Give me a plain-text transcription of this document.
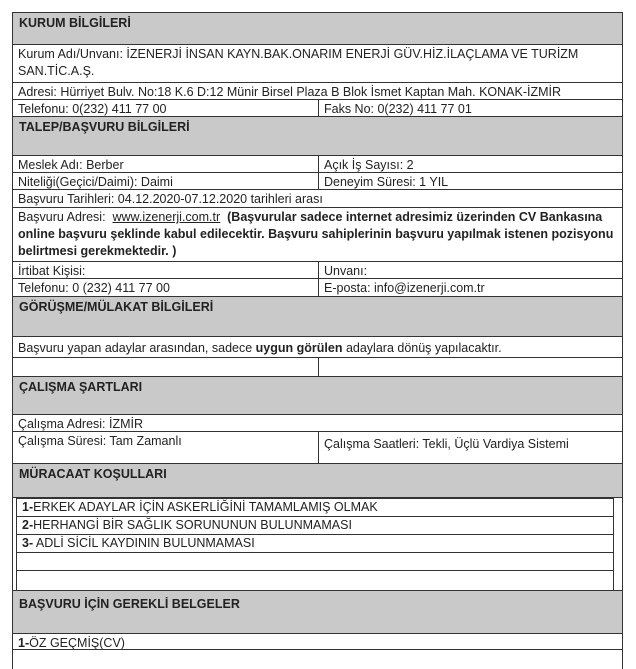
KURUM BİLGİLERİ
Kurum Adı/Unvanı: İZENERJİ İNSAN KAYN.BAK.ONARIM ENERJİ GÜV.HİZ.İLAÇLAMA VE TURİZM SAN.TİC.A.Ş.
Adresi: Hürriyet Bulv. No:18 K.6 D:12 Münir Birsel Plaza B Blok İsmet Kaptan Mah. KONAK-İZMİR
Telefonu: 0(232) 411 77 00	Faks No: 0(232) 411 77 01
TALEP/BAŞVURU BİLGİLERİ
Meslek Adı: Berber	Açık İş Sayısı: 2
Niteliği(Geçici/Daimi): Daimi	Deneyim Süresi: 1 YIL
Başvuru Tarihleri: 04.12.2020-07.12.2020 tarihleri arası
Başvuru Adresi: www.izenerji.com.tr (Başvurular sadece internet adresimiz üzerinden CV Bankasına online başvuru şeklinde kabul edilecektir. Başvuru sahiplerinin başvuru yapılmak istenen pozisyonu belirtmesi gerekmektedir. )
İrtibat Kişisi:	Unvanı:
Telefonu: 0 (232) 411 77 00	E-posta: info@izenerji.com.tr
GÖRÜŞME/MÜLAKAT BİLGİLERİ
Başvuru yapan adaylar arasından, sadece uygun görülen adaylara dönüş yapılacaktır.
ÇALIŞMA ŞARTLARI
Çalışma Adresi: İZMİR
Çalışma Süresi: Tam Zamanlı	Çalışma Saatleri: Tekli, Üçlü Vardiya Sistemi
MÜRACAAT KOŞULLARI
1-ERKEK ADAYLAR İÇİN ASKERLİĞİNİ TAMAMLAMIŞ OLMAK
2-HERHANGİ BİR SAĞLIK SORUNUNUN BULUNMAMASI
3- ADLİ SİCİL KAYDININ BULUNMAMASI
BAŞVURU İÇİN GEREKLİ BELGELER
1-ÖZ GEÇMİŞ(CV)
